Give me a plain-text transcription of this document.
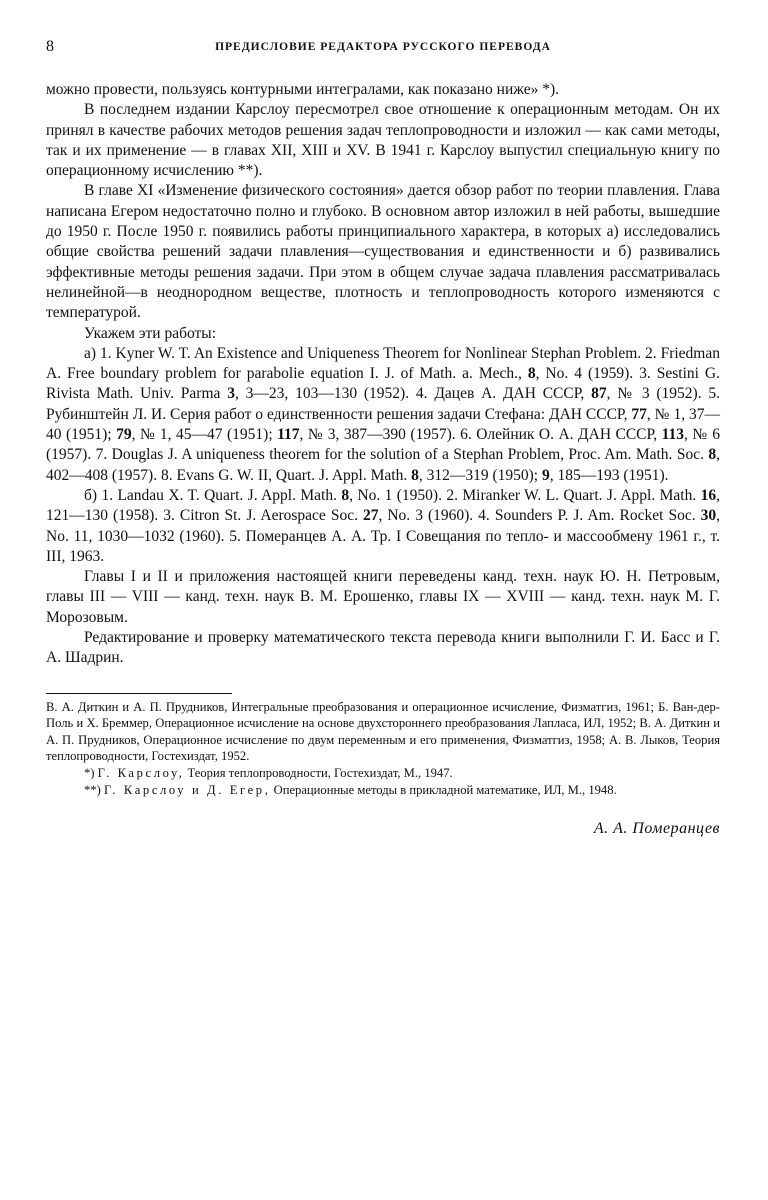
8	ПРЕДИСЛОВИЕ РЕДАКТОРА РУССКОГО ПЕРЕВОДА

можно провести, пользуясь контурными интегралами, как показано ниже» *).

В последнем издании Карслоу пересмотрел свое отношение к операционным методам. Он их принял в качестве рабочих методов решения задач теплопроводности и изложил — как сами методы, так и их применение — в главах XII, XIII и XV. В 1941 г. Карслоу выпустил специальную книгу по операционному исчислению **).

В главе XI «Изменение физического состояния» дается обзор работ по теории плавления. Глава написана Егером недостаточно полно и глубоко. В основном автор изложил в ней работы, вышедшие до 1950 г. После 1950 г. появились работы принципиального характера, в которых а) исследовались общие свойства решений задачи плавления—существования и единственности и б) развивались эффективные методы решения задачи. При этом в общем случае задача плавления рассматривалась нелинейной—в неоднородном веществе, плотность и теплопроводность которого изменяются с температурой.

Укажем эти работы:

а) 1. Kyner W. T. An Existence and Uniqueness Theorem for Nonlinear Stephan Problem. 2. Friedman A. Free boundary problem for parabolie equation I. J. of Math. a. Mech., 8, No. 4 (1959). 3. Sestini G. Rivista Math. Univ. Parma 3, 3—23, 103—130 (1952). 4. Дацев А. ДАН СССР, 87, № 3 (1952). 5. Рубинштейн Л. И. Серия работ о единственности решения задачи Стефана: ДАН СССР, 77, № 1, 37—40 (1951); 79, № 1, 45—47 (1951); 117, № 3, 387—390 (1957). 6. Олейник О. А. ДАН СССР, 113, № 6 (1957). 7. Douglas J. A uniqueness theorem for the solution of a Stephan Problem, Proc. Am. Math. Soc. 8, 402—408 (1957). 8. Evans G. W. II, Quart. J. Appl. Math. 8, 312—319 (1950); 9, 185—193 (1951).

б) 1. Landau X. T. Quart. J. Appl. Math. 8, No. 1 (1950). 2. Miranker W. L. Quart. J. Appl. Math. 16, 121—130 (1958). 3. Citron St. J. Aerospace Soc. 27, No. 3 (1960). 4. Sounders P. J. Am. Rocket Soc. 30, No. 11, 1030—1032 (1960). 5. Померанцев А. А. Тр. I Совещания по тепло- и массообмену 1961 г., т. III, 1963.

Главы I и II и приложения настоящей книги переведены канд. техн. наук Ю. Н. Петровым, главы III — VIII — канд. техн. наук В. М. Ерошенко, главы IX — XVIII — канд. техн. наук М. Г. Морозовым.

Редактирование и проверку математического текста перевода книги выполнили Г. И. Басс и Г. А. Шадрин.

В. А. Диткин и А. П. Прудников, Интегральные преобразования и операционное исчисление, Физматгиз, 1961; Б. Ван-дер-Поль и Х. Бреммер, Операционное исчисление на основе двухстороннего преобразования Лапласа, ИЛ, 1952; В. А. Диткин и А. П. Прудников, Операционное исчисление по двум переменным и его применения, Физматгиз, 1958; А. В. Лыков, Теория теплопроводности, Гостехиздат, 1952.

*) Г. Карслоу, Теория теплопроводности, Гостехиздат, М., 1947.

**) Г. Карслоу и Д. Егер, Операционные методы в прикладной математике, ИЛ, М., 1948.

А. А. Померанцев
